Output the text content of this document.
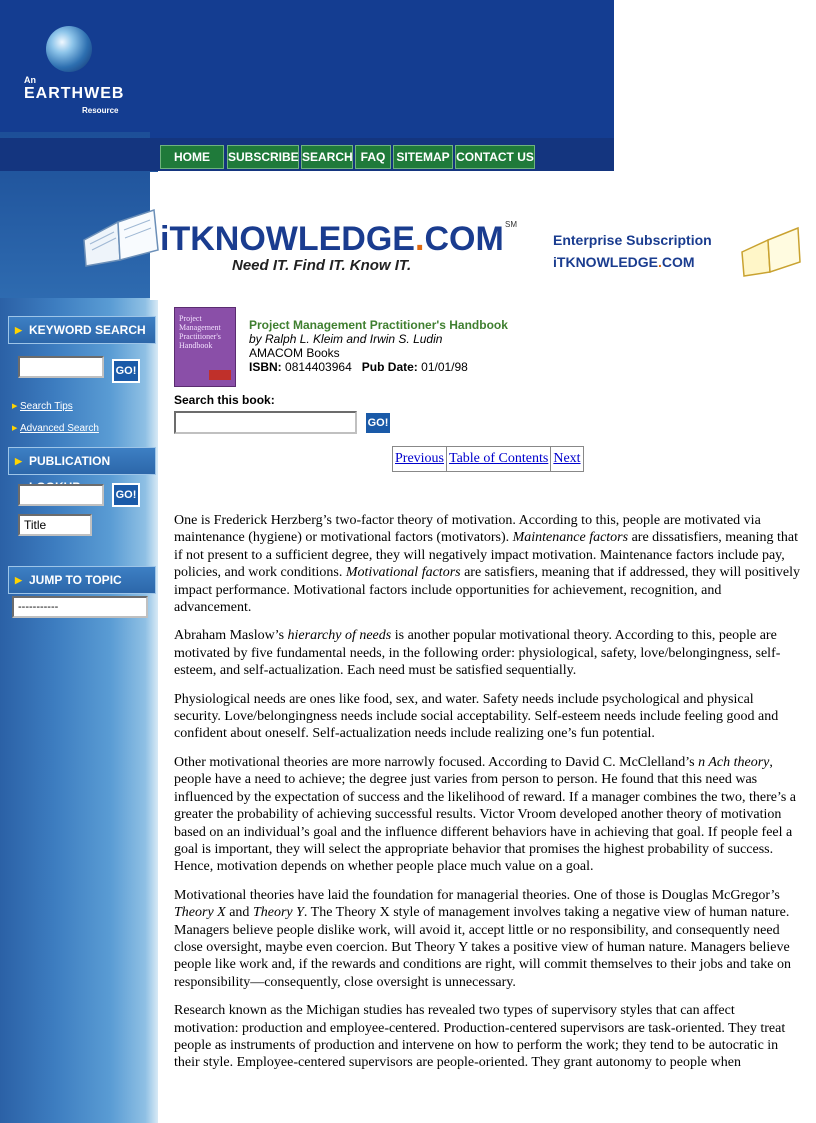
An
EARTHWEB
Resource
HOME	SUBSCRIBE SEARCH FAQ SITEMAP CONTACT US
iTKNOWLEDGE.COM SM
Need IT. Find IT. Know IT.
Enterprise Subscription
iTKNOWLEDGE.COM
▶ KEYWORD SEARCH
GO!
▶ Search Tips
▶ Advanced Search
▶ PUBLICATION
GO!
Title
▶ JUMP TO TOPIC
-----------
Project Management Practitioner's Handbook
Project Management Practitioner's Handbook
by Ralph L. Kleim and Irwin S. Ludin
AMACOM Books
ISBN: 0814403964 Pub Date: 01/01/98
Search this book:
GO!
Previous Table of Contents Next

One is Frederick Herzberg’s two-factor theory of motivation. According to this, people are motivated via maintenance (hygiene) or motivational factors (motivators). Maintenance factors are dissatisfiers, meaning that if not present to a sufficient degree, they will negatively impact motivation. Maintenance factors include pay, policies, and work conditions. Motivational factors are satisfiers, meaning that if addressed, they will positively impact performance. Motivational factors include opportunities for achievement, recognition, and advancement.

Abraham Maslow’s hierarchy of needs is another popular motivational theory. According to this, people are motivated by five fundamental needs, in the following order: physiological, safety, love/belongingness, self-esteem, and self-actualization. Each need must be satisfied sequentially.

Physiological needs are ones like food, sex, and water. Safety needs include psychological and physical security. Love/belongingness needs include social acceptability. Self-esteem needs include feeling good and confident about oneself. Self-actualization needs include realizing one’s fun potential.

Other motivational theories are more narrowly focused. According to David C. McClelland’s n Ach theory, people have a need to achieve; the degree just varies from person to person. He found that this need was influenced by the expectation of success and the likelihood of reward. If a manager combines the two, there’s a greater the probability of achieving successful results. Victor Vroom developed another theory of motivation based on an individual’s goal and the influence different behaviors have in achieving that goal. If people feel a goal is important, they will select the appropriate behavior that promises the highest probability of success. Hence, motivation depends on whether people place much value on a goal.

Motivational theories have laid the foundation for managerial theories. One of those is Douglas McGregor’s Theory X and Theory Y. The Theory X style of management involves taking a negative view of human nature. Managers believe people dislike work, will avoid it, accept little or no responsibility, and consequently need close oversight, maybe even coercion. But Theory Y takes a positive view of human nature. Managers believe people like work and, if the rewards and conditions are right, will commit themselves to their jobs and take on responsibility—consequently, close oversight is unnecessary.

Research known as the Michigan studies has revealed two types of supervisory styles that can affect motivation: production and employee-centered. Production-centered supervisors are task-oriented. They treat people as instruments of production and intervene on how to perform the work; they tend to be autocratic in their style. Employee-centered supervisors are people-oriented. They grant autonomy to people when
